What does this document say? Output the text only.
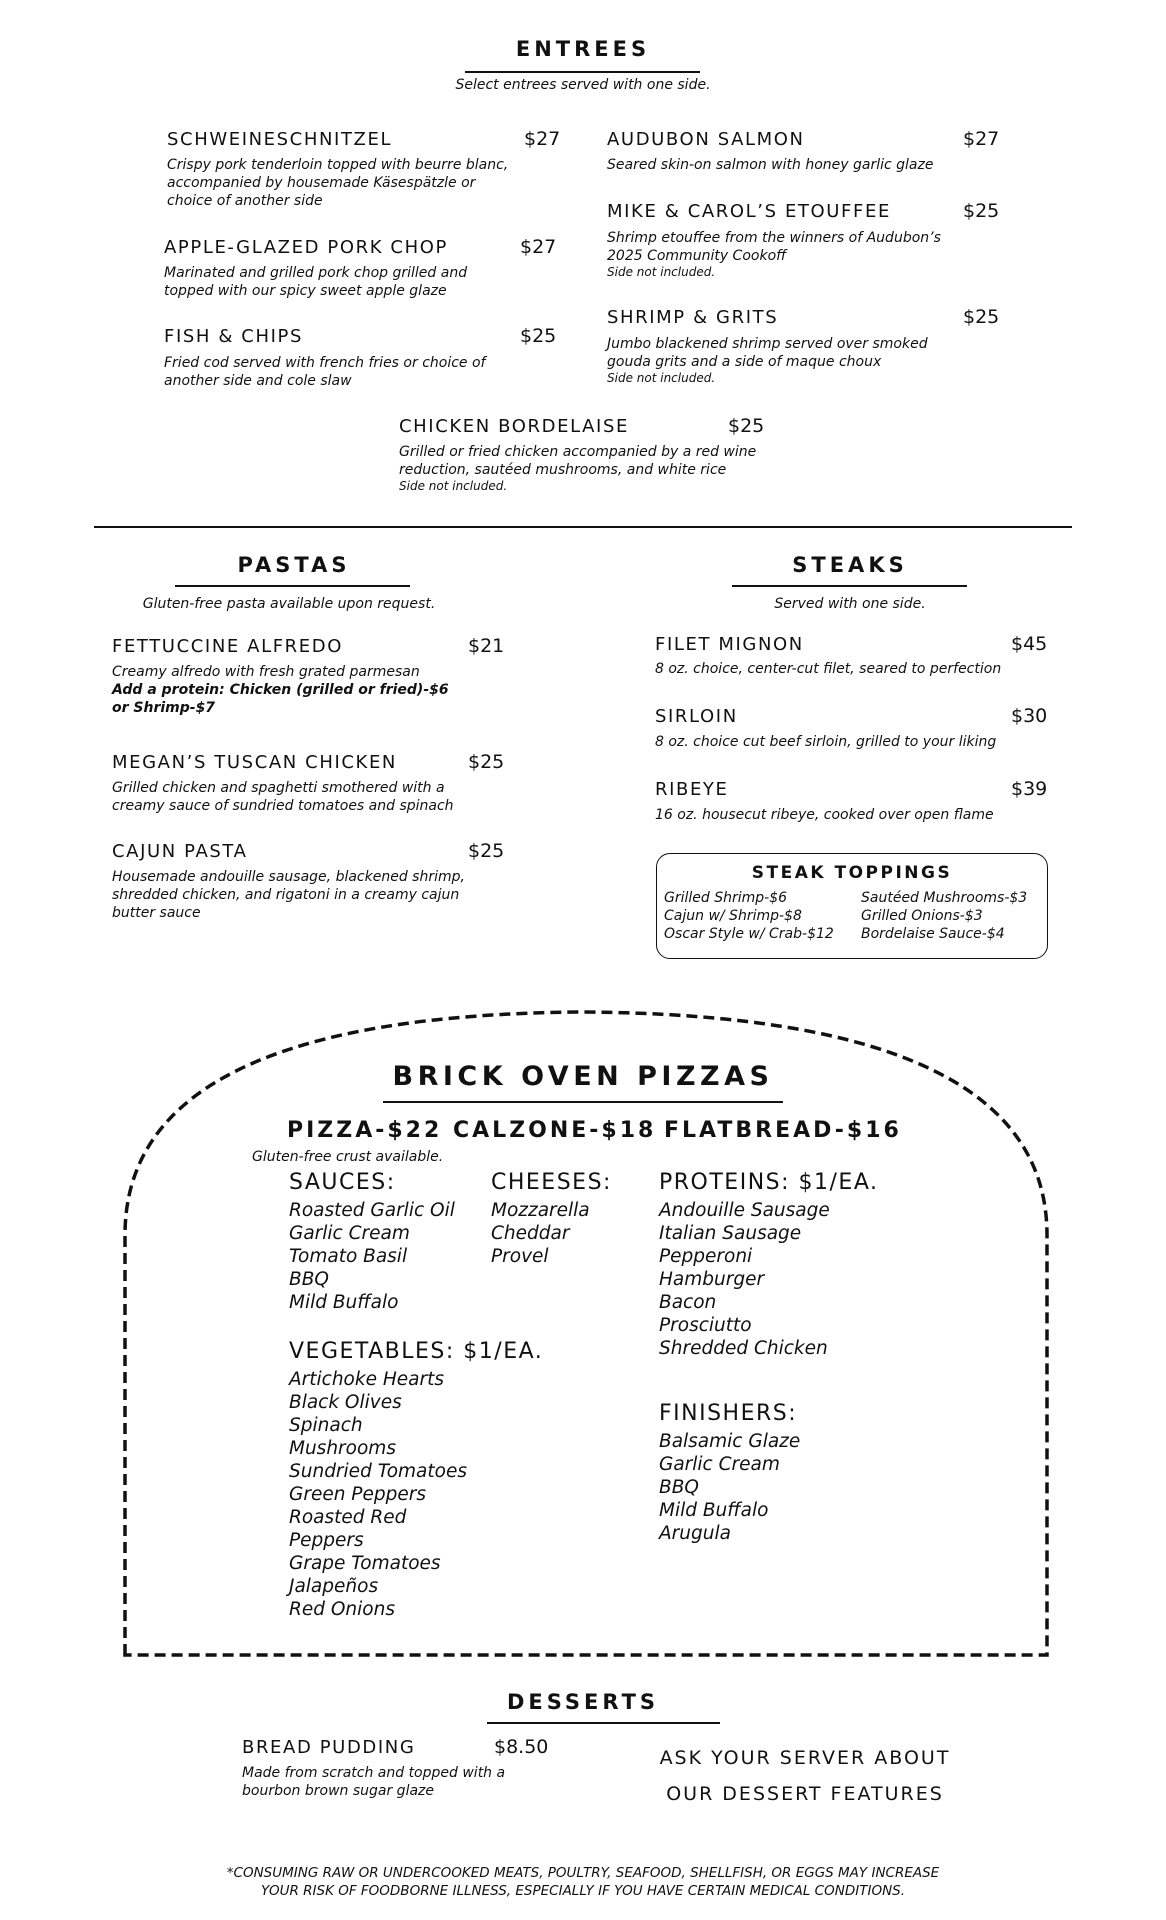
ENTREES
Select entrees served with one side.
SCHWEINESCHNITZEL	$27
Crispy pork tenderloin topped with beurre blanc,
accompanied by housemade Käsespätzle or
choice of another side
APPLE-GLAZED PORK CHOP	$27
Marinated and grilled pork chop grilled and
topped with our spicy sweet apple glaze
FISH & CHIPS	$25
Fried cod served with french fries or choice of
another side and cole slaw
AUDUBON SALMON	$27
Seared skin-on salmon with honey garlic glaze
MIKE & CAROL’S ETOUFFEE	$25
Shrimp etouffee from the winners of Audubon’s
2025 Community Cookoff
Side not included.
SHRIMP & GRITS	$25
Jumbo blackened shrimp served over smoked
gouda grits and a side of maque choux
Side not included.
CHICKEN BORDELAISE	$25
Grilled or fried chicken accompanied by a red wine
reduction, sautéed mushrooms, and white rice
Side not included.
PASTAS
Gluten-free pasta available upon request.
FETTUCCINE ALFREDO	$21
Creamy alfredo with fresh grated parmesan
Add a protein: Chicken (grilled or fried)-$6
or Shrimp-$7
MEGAN’S TUSCAN CHICKEN	$25
Grilled chicken and spaghetti smothered with a
creamy sauce of sundried tomatoes and spinach
CAJUN PASTA	$25
Housemade andouille sausage, blackened shrimp,
shredded chicken, and rigatoni in a creamy cajun
butter sauce
STEAKS
Served with one side.
FILET MIGNON	$45
8 oz. choice, center-cut filet, seared to perfection
SIRLOIN	$30
8 oz. choice cut beef sirloin, grilled to your liking
RIBEYE	$39
16 oz. housecut ribeye, cooked over open flame
STEAK TOPPINGS
Grilled Shrimp-$6
Cajun w/ Shrimp-$8
Oscar Style w/ Crab-$12
Sautéed Mushrooms-$3
Grilled Onions-$3
Bordelaise Sauce-$4
BRICK OVEN PIZZAS
PIZZA-$22 CALZONE-$18 FLATBREAD-$16
Gluten-free crust available.
SAUCES:
Roasted Garlic Oil
Garlic Cream
Tomato Basil
BBQ
Mild Buffalo
CHEESES:
Mozzarella
Cheddar
Provel
PROTEINS: $1/EA.
Andouille Sausage
Italian Sausage
Pepperoni
Hamburger
Bacon
Prosciutto
Shredded Chicken
VEGETABLES: $1/EA.
Artichoke Hearts
Black Olives
Spinach
Mushrooms
Sundried Tomatoes
Green Peppers
Roasted Red
Peppers
Grape Tomatoes
Jalapeños
Red Onions
FINISHERS:
Balsamic Glaze
Garlic Cream
BBQ
Mild Buffalo
Arugula
DESSERTS
BREAD PUDDING	$8.50
Made from scratch and topped with a
bourbon brown sugar glaze
ASK YOUR SERVER ABOUT
OUR DESSERT FEATURES
*CONSUMING RAW OR UNDERCOOKED MEATS, POULTRY, SEAFOOD, SHELLFISH, OR EGGS MAY INCREASE
YOUR RISK OF FOODBORNE ILLNESS, ESPECIALLY IF YOU HAVE CERTAIN MEDICAL CONDITIONS.
